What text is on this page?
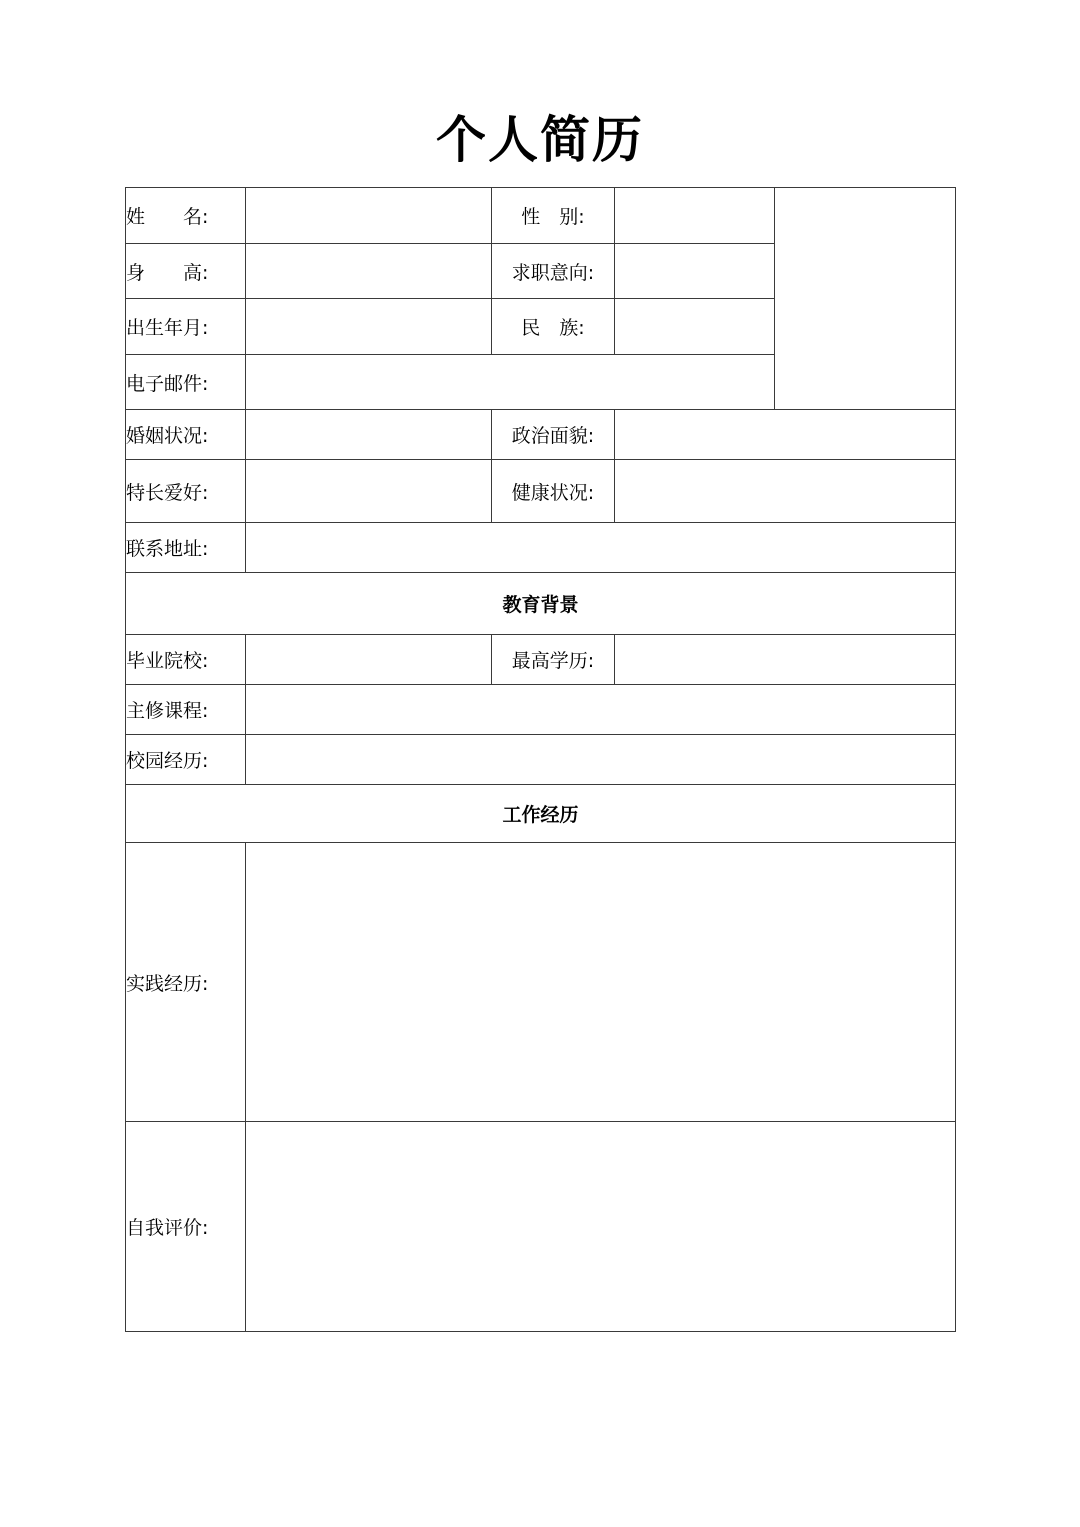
个人简历
姓　　名:		性　别:		
身　　高:		求职意向:		
出生年月:		民　族:		
电子邮件:				
婚姻状况:		政治面貌:		
特长爱好:		健康状况:		
联系地址:				
教育背景				
毕业院校:		最高学历:		
主修课程:				
校园经历:				
工作经历				
实践经历:				
自我评价:				
